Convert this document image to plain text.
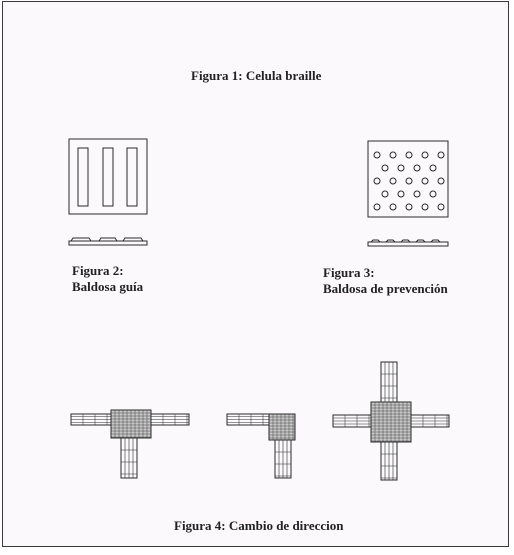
Figura 1: Celula braille
Figura 2:
Baldosa guía
Figura 3:
Baldosa de prevención
Figura 4: Cambio de direccion
